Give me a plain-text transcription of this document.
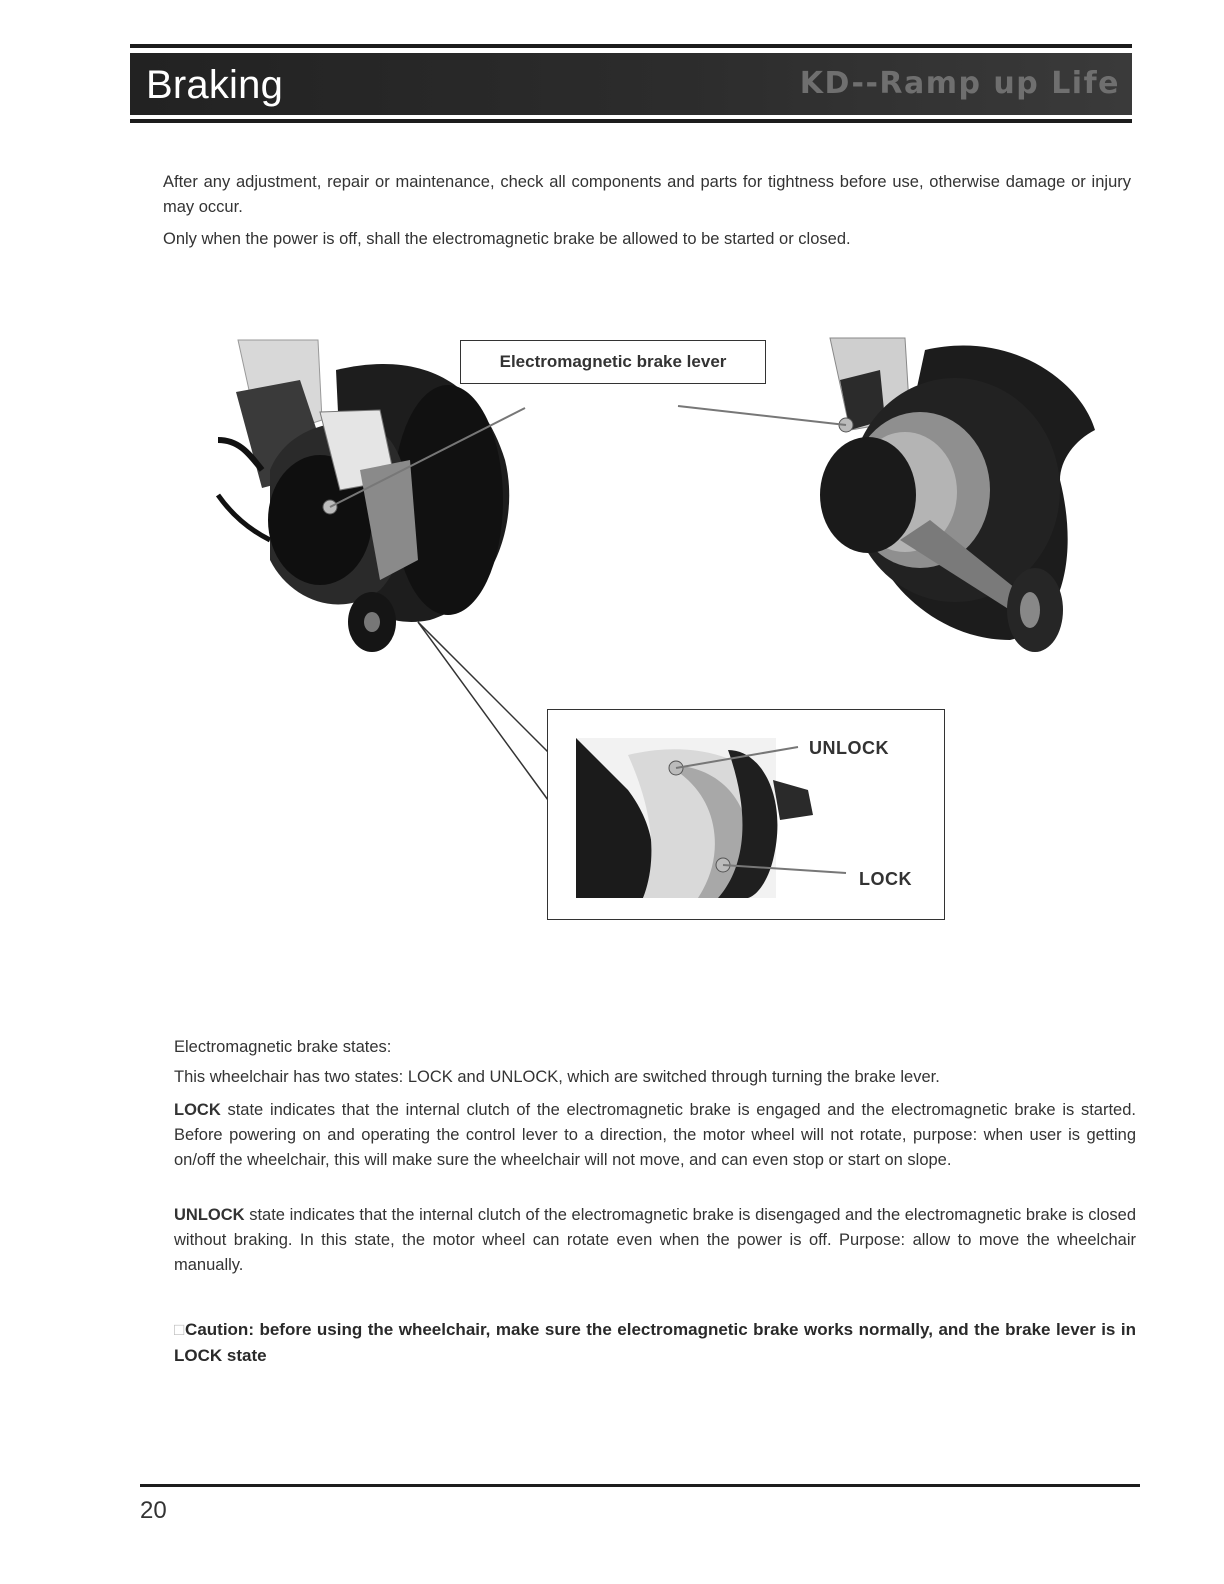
Braking	KD--Ramp up Life

After any adjustment, repair or maintenance, check all components and parts for tightness before use, otherwise damage or injury may occur.

Only when the power is off, shall the electromagnetic brake be allowed to be started or closed.

Electromagnetic brake lever
UNLOCK
LOCK

Electromagnetic brake states:

This wheelchair has two states: LOCK and UNLOCK, which are switched through turning the brake lever.

LOCK state indicates that the internal clutch of the electromagnetic brake is engaged and the electromagnetic brake is started. Before powering on and operating the control lever to a direction, the motor wheel will not rotate, purpose: when user is getting on/off the wheelchair, this will make sure the wheelchair will not move, and can even stop or start on slope.

UNLOCK state indicates that the internal clutch of the electromagnetic brake is disengaged and the electromagnetic brake is closed without braking. In this state, the motor wheel can rotate even when the power is off. Purpose: allow to move the wheelchair manually.

□Caution: before using the wheelchair, make sure the electromagnetic brake works normally, and the brake lever is in LOCK state

20
